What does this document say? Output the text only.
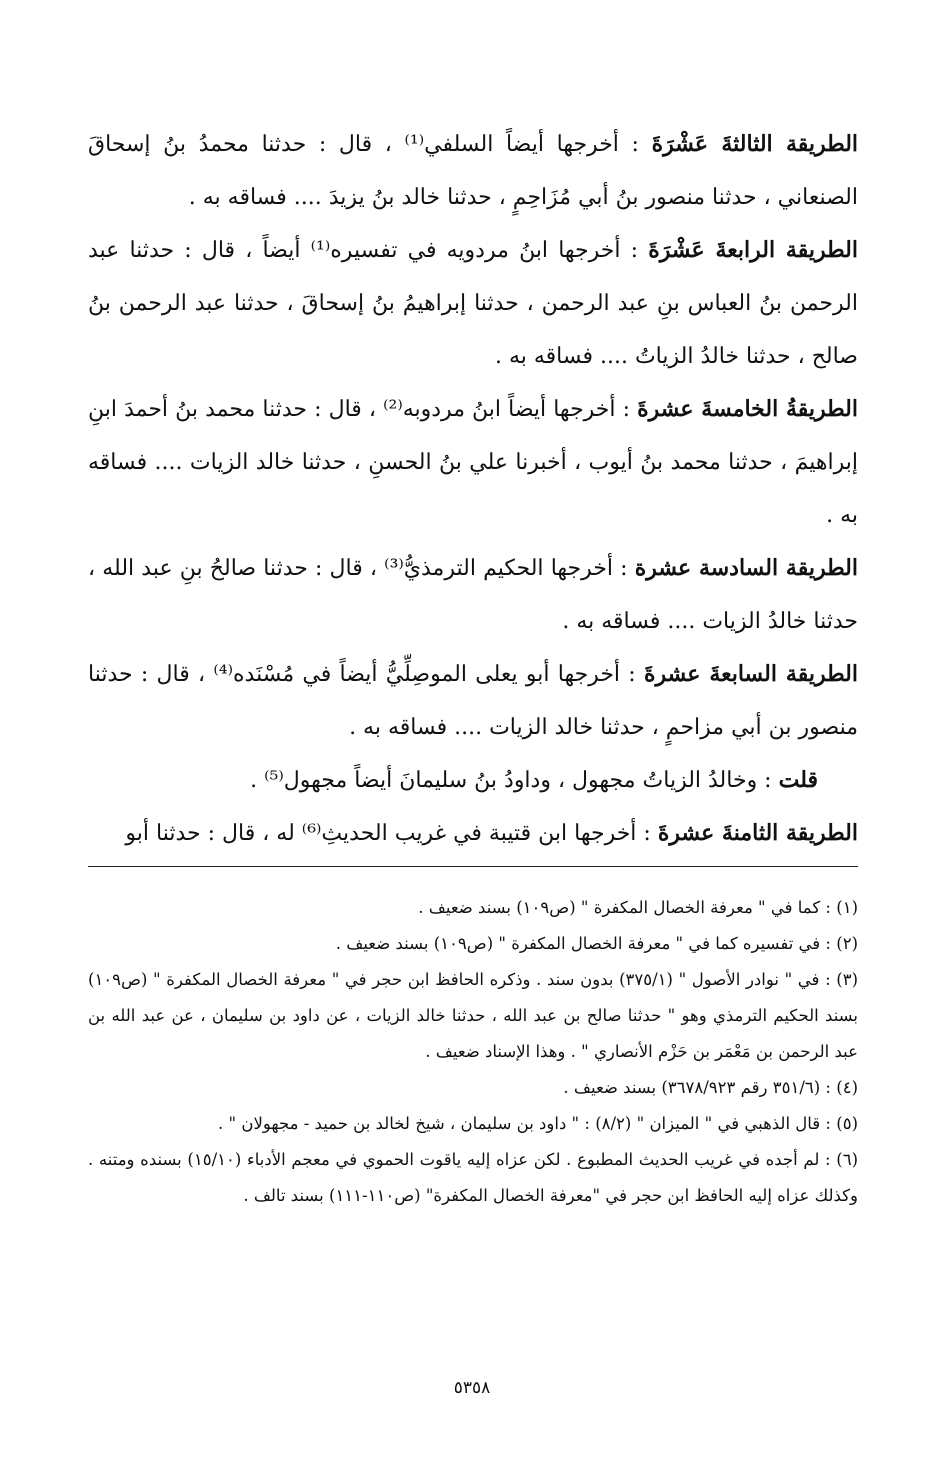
الطريقة الثالثةَ عَشْرَةَ : أخرجها أيضاً السلفي⁽¹⁾ ، قال : حدثنا محمدُ بنُ إسحاقَ الصنعاني ، حدثنا منصور بنُ أبي مُزَاحِمٍ ، حدثنا خالد بنُ يزيدَ .... فساقه به .

الطريقة الرابعةَ عَشْرَةَ : أخرجها ابنُ مردويه في تفسيره⁽¹⁾ أيضاً ، قال : حدثنا عبد الرحمن بنُ العباس بنِ عبد الرحمن ، حدثنا إبراهيمُ بنُ إسحاقَ ، حدثنا عبد الرحمن بنُ صالح ، حدثنا خالدُ الزياتُ .... فساقه به .

الطريقةُ الخامسةَ عشرةَ : أخرجها أيضاً ابنُ مردوبه⁽²⁾ ، قال : حدثنا محمد بنُ أحمدَ ابنِ إبراهيمَ ، حدثنا محمد بنُ أيوب ، أخبرنا علي بنُ الحسنِ ، حدثنا خالد الزيات .... فساقه به .

الطريقة السادسة عشرة : أخرجها الحكيم الترمذيُّ⁽³⁾ ، قال : حدثنا صالحُ بنِ عبد الله ، حدثنا خالدُ الزيات .... فساقه به .

الطريقة السابعةَ عشرةَ : أخرجها أبو يعلى الموصِلِّيُّ أيضاً في مُسْنَده⁽⁴⁾ ، قال : حدثنا منصور بن أبي مزاحمٍ ، حدثنا خالد الزيات .... فساقه به .

قلت : وخالدُ الزياتُ مجهول ، وداودُ بنُ سليمانَ أيضاً مجهول⁽⁵⁾ .

الطريقة الثامنةَ عشرةَ : أخرجها ابن قتيبة في غريب الحديثِ⁽⁶⁾ له ، قال : حدثنا أبو

(١) : كما في " معرفة الخصال المكفرة " (ص١٠٩) بسند ضعيف .

(٢) : في تفسيره كما في " معرفة الخصال المكفرة " (ص١٠٩) بسند ضعيف .

(٣) : في " نوادر الأصول " (٣٧٥/١) بدون سند . وذكره الحافظ ابن حجر في " معرفة الخصال المكفرة " (ص١٠٩) بسند الحكيم الترمذي وهو " حدثنا صالح بن عبد الله ، حدثنا خالد الزيات ، عن داود بن سليمان ، عن عبد الله بن عبد الرحمن بن مَعْمَر بن حَزْم الأنصاري " . وهذا الإسناد ضعيف .

(٤) : (٣٥١/٦ رقم ٣٦٧٨/٩٢٣) بسند ضعيف .

(٥) : قال الذهبي في " الميزان " (٨/٢) : " داود بن سليمان ، شيخ لخالد بن حميد - مجهولان " .

(٦) : لم أجده في غريب الحديث المطبوع . لكن عزاه إليه ياقوت الحموي في معجم الأدباء (١٥/١٠) بسنده ومتنه . وكذلك عزاه إليه الحافظ ابن حجر في "معرفة الخصال المكفرة" (ص١١٠-١١١) بسند تالف .

٥٣٥٨
